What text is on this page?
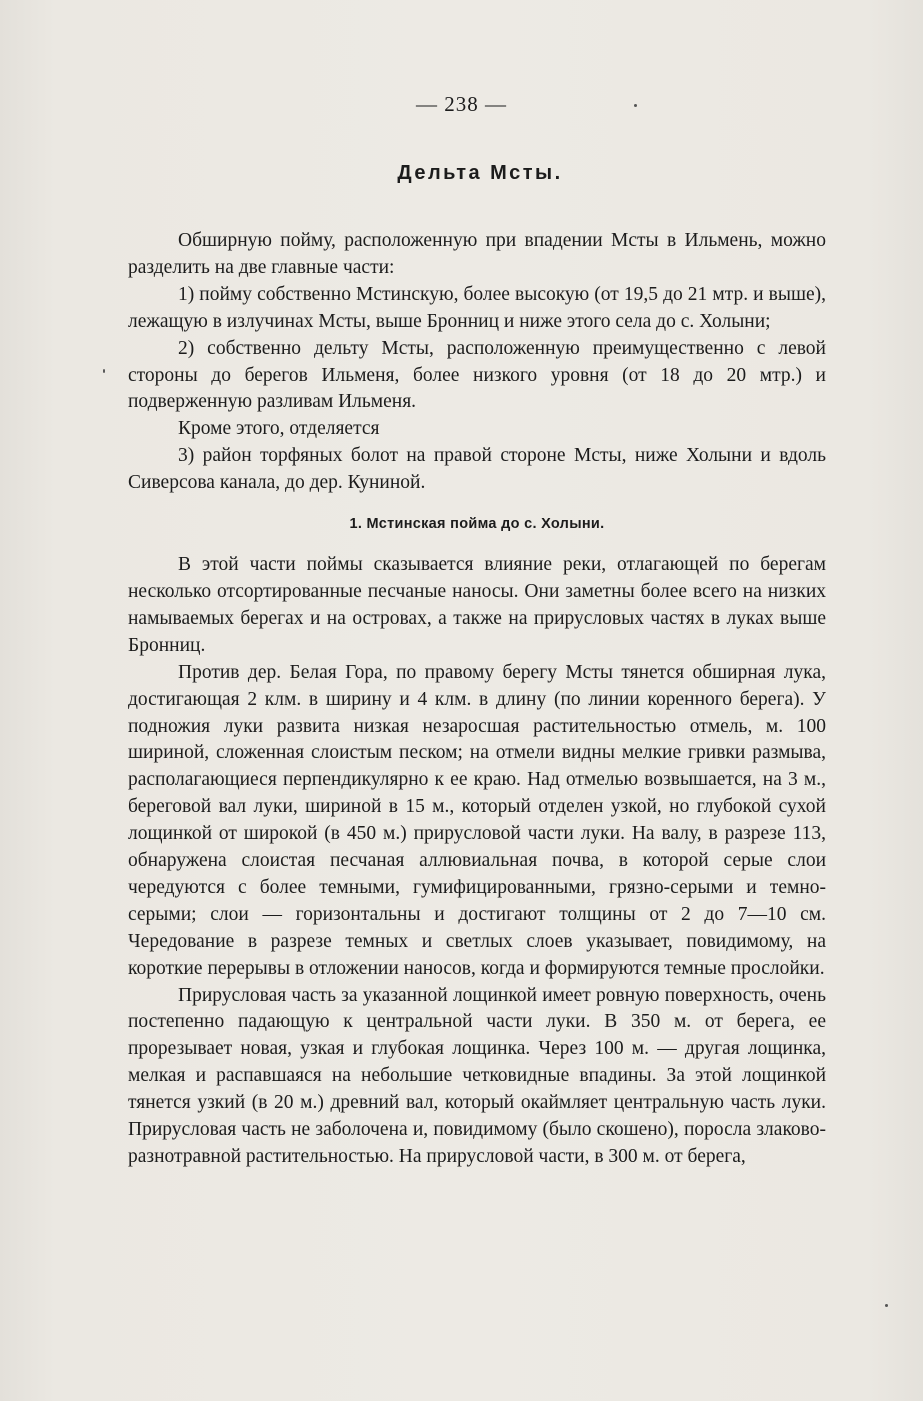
— 238 —
Дельта Мсты.

Обширную пойму, расположенную при впадении Мсты в Ильмень, можно разделить на две главные части:

1) пойму собственно Мстинскую, более высокую (от 19,5 до 21 мтр. и выше), лежащую в излучинах Мсты, выше Бронниц и ниже этого села до с. Холыни;

2) собственно дельту Мсты, расположенную преимущественно с левой стороны до берегов Ильменя, более низкого уровня (от 18 до 20 мтр.) и подверженную разливам Ильменя.

Кроме этого, отделяется

3) район торфяных болот на правой стороне Мсты, ниже Холыни и вдоль Сиверсова канала, до дер. Куниной.

1. Мстинская пойма до с. Холыни.

В этой части поймы сказывается влияние реки, отлагающей по берегам несколько отсортированные песчаные наносы. Они заметны более всего на низких намываемых берегах и на островах, а также на прирусловых частях в луках выше Бронниц.

Против дер. Белая Гора, по правому берегу Мсты тянется обширная лука, достигающая 2 клм. в ширину и 4 клм. в длину (по линии коренного берега). У подножия луки развита низкая незаросшая растительностью отмель, м. 100 шириной, сложенная слоистым песком; на отмели видны мелкие гривки размыва, располагающиеся перпендикулярно к ее краю. Над отмелью возвышается, на 3 м., береговой вал луки, шириной в 15 м., который отделен узкой, но глубокой сухой лощинкой от широкой (в 450 м.) прирусловой части луки. На валу, в разрезе 113, обнаружена слоистая песчаная аллювиальная почва, в которой серые слои чередуются с более темными, гумифицированными, грязно-серыми и темно-серыми; слои — горизонтальны и достигают толщины от 2 до 7—10 см. Чередование в разрезе темных и светлых слоев указывает, повидимому, на короткие перерывы в отложении наносов, когда и формируются темные прослойки.

Прирусловая часть за указанной лощинкой имеет ровную поверхность, очень постепенно падающую к центральной части луки. В 350 м. от берега, ее прорезывает новая, узкая и глубокая лощинка. Через 100 м. — другая лощинка, мелкая и распавшаяся на небольшие четковидные впадины. За этой лощинкой тянется узкий (в 20 м.) древний вал, который окаймляет центральную часть луки. Прирусловая часть не заболочена и, повидимому (было скошено), поросла злаково-разнотравной растительностью. На прирусловой части, в 300 м. от берега,
